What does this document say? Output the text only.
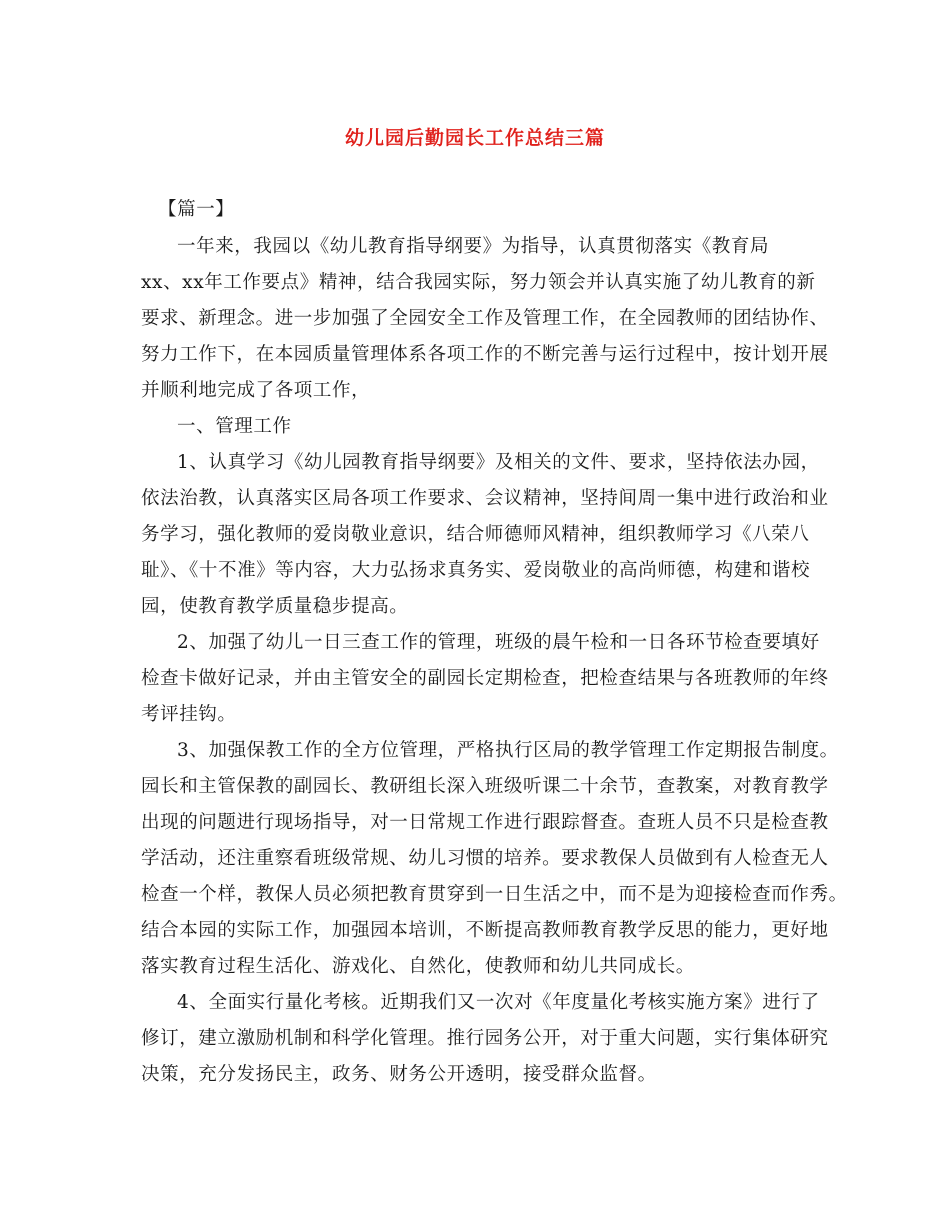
幼儿园后勤园长工作总结三篇
【篇一】
一年来，我园以《幼儿教育指导纲要》为指导，认真贯彻落实《教育局
xx、xx年工作要点》精神，结合我园实际，努力领会并认真实施了幼儿教育的新
要求、新理念。进一步加强了全园安全工作及管理工作，在全园教师的团结协作、
努力工作下，在本园质量管理体系各项工作的不断完善与运行过程中，按计划开展
并顺利地完成了各项工作，
一、管理工作
1、认真学习《幼儿园教育指导纲要》及相关的文件、要求，坚持依法办园，
依法治教，认真落实区局各项工作要求、会议精神，坚持间周一集中进行政治和业
务学习，强化教师的爱岗敬业意识，结合师德师风精神，组织教师学习《八荣八
耻》、《十不准》等内容，大力弘扬求真务实、爱岗敬业的高尚师德，构建和谐校
园，使教育教学质量稳步提高。
2、加强了幼儿一日三查工作的管理，班级的晨午检和一日各环节检查要填好
检查卡做好记录，并由主管安全的副园长定期检查，把检查结果与各班教师的年终
考评挂钩。
3、加强保教工作的全方位管理，严格执行区局的教学管理工作定期报告制度。
园长和主管保教的副园长、教研组长深入班级听课二十余节，查教案，对教育教学
出现的问题进行现场指导，对一日常规工作进行跟踪督查。查班人员不只是检查教
学活动，还注重察看班级常规、幼儿习惯的培养。要求教保人员做到有人检查无人
检查一个样，教保人员必须把教育贯穿到一日生活之中，而不是为迎接检查而作秀。
结合本园的实际工作，加强园本培训，不断提高教师教育教学反思的能力，更好地
落实教育过程生活化、游戏化、自然化，使教师和幼儿共同成长。
4、全面实行量化考核。近期我们又一次对《年度量化考核实施方案》进行了
修订，建立激励机制和科学化管理。推行园务公开，对于重大问题，实行集体研究
决策，充分发扬民主，政务、财务公开透明，接受群众监督。
